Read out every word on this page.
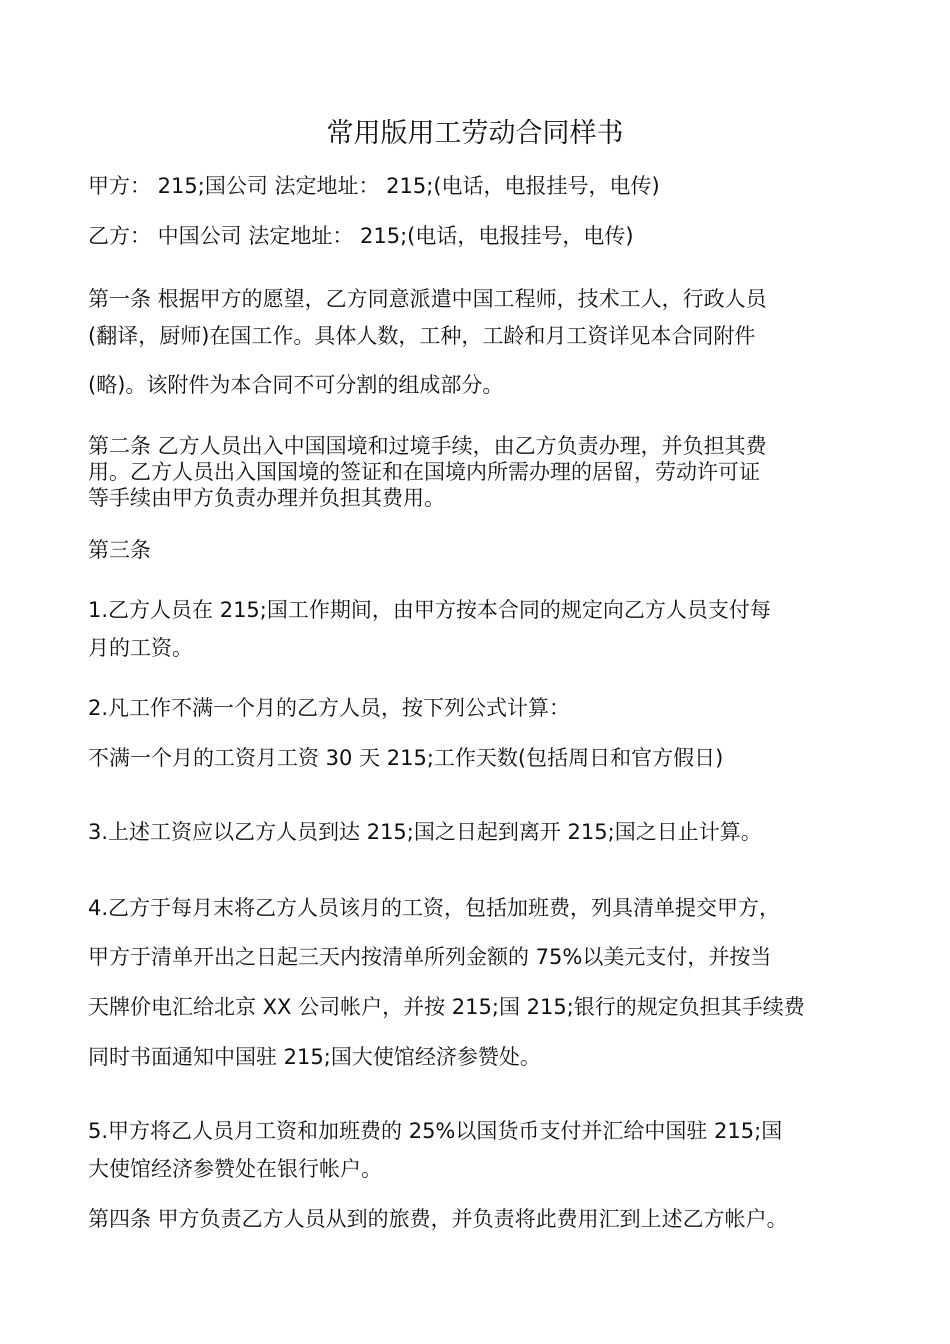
常用版用工劳动合同样书
甲方： 215;国公司 法定地址： 215;(电话，电报挂号，电传)
乙方： 中国公司 法定地址： 215;(电话，电报挂号，电传)
第一条 根据甲方的愿望，乙方同意派遣中国工程师，技术工人，行政人员
(翻译，厨师)在国工作。具体人数，工种，工龄和月工资详见本合同附件
(略)。该附件为本合同不可分割的组成部分。
第二条 乙方人员出入中国国境和过境手续，由乙方负责办理，并负担其费
用。乙方人员出入国国境的签证和在国境内所需办理的居留，劳动许可证
等手续由甲方负责办理并负担其费用。
第三条
1.乙方人员在 215;国工作期间，由甲方按本合同的规定向乙方人员支付每
月的工资。
2.凡工作不满一个月的乙方人员，按下列公式计算：
不满一个月的工资月工资 30 天 215;工作天数(包括周日和官方假日)
3.上述工资应以乙方人员到达 215;国之日起到离开 215;国之日止计算。
4.乙方于每月末将乙方人员该月的工资，包括加班费，列具清单提交甲方，
甲方于清单开出之日起三天内按清单所列金额的 75%以美元支付，并按当
天牌价电汇给北京 XX 公司帐户，并按 215;国 215;银行的规定负担其手续费
同时书面通知中国驻 215;国大使馆经济参赞处。
5.甲方将乙人员月工资和加班费的 25%以国货币支付并汇给中国驻 215;国
大使馆经济参赞处在银行帐户。
第四条 甲方负责乙方人员从到的旅费，并负责将此费用汇到上述乙方帐户。
